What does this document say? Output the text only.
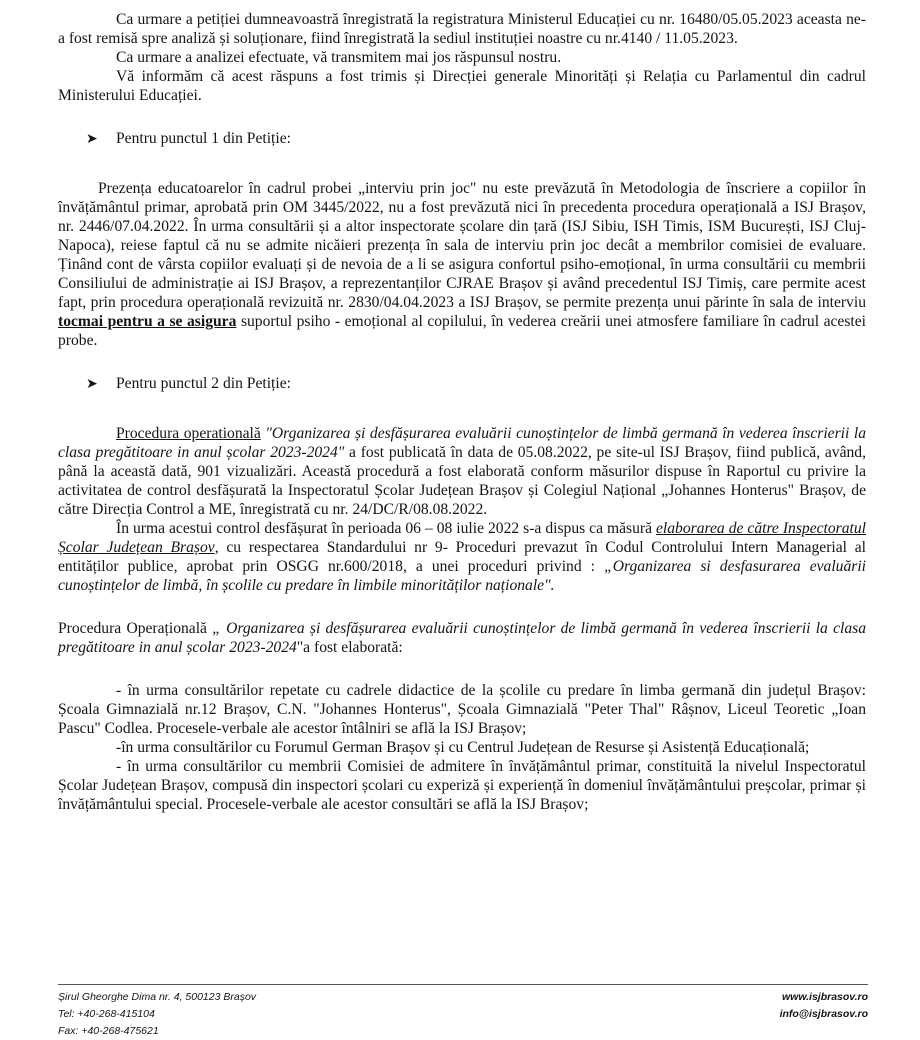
Ca urmare a petiției dumneavoastră înregistrată la registratura Ministerul Educației cu nr. 16480/05.05.2023 aceasta ne-a fost remisă spre analiză și soluționare, fiind înregistrată la sediul instituției noastre cu nr.4140 / 11.05.2023.

Ca urmare a analizei efectuate, vă transmitem mai jos răspunsul nostru.

Vă informăm că acest răspuns a fost trimis și Direcției generale Minorități și Relația cu Parlamentul din cadrul Ministerului Educației.

➤	Pentru punctul 1 din Petiție:

Prezența educatoarelor în cadrul probei „interviu prin joc" nu este prevăzută în Metodologia de înscriere a copiilor în învățământul primar, aprobată prin OM 3445/2022, nu a fost prevăzută nici în precedenta procedura operațională a ISJ Brașov, nr. 2446/07.04.2022. În urma consultării și a altor inspectorate școlare din țară (ISJ Sibiu, ISH Timis, ISM București, ISJ Cluj-Napoca), reiese faptul că nu se admite nicăieri prezența în sala de interviu prin joc decât a membrilor comisiei de evaluare. Ținând cont de vârsta copiilor evaluați și de nevoia de a li se asigura confortul psiho-emoțional, în urma consultării cu membrii Consiliului de administrație ai ISJ Brașov, a reprezentanților CJRAE Brașov și având precedentul ISJ Timiș, care permite acest fapt, prin procedura operațională revizuită nr. 2830/04.04.2023 a ISJ Brașov, se permite prezența unui părinte în sala de interviu tocmai pentru a se asigura suportul psiho - emoțional al copilului, în vederea creării unei atmosfere familiare în cadrul acestei probe.

➤	Pentru punctul 2 din Petiție:

Procedura operatională "Organizarea și desfășurarea evaluării cunoștințelor de limbă germană în vederea înscrierii la clasa pregătitoare in anul școlar 2023-2024" a fost publicată în data de 05.08.2022, pe site-ul ISJ Brașov, fiind publică, având, până la această dată, 901 vizualizări. Această procedură a fost elaborată conform măsurilor dispuse în Raportul cu privire la activitatea de control desfășurată la Inspectoratul Școlar Județean Brașov și Colegiul Național „Johannes Honterus" Brașov, de către Direcția Control a ME, înregistrată cu nr. 24/DC/R/08.08.2022.

În urma acestui control desfășurat în perioada 06 – 08 iulie 2022 s-a dispus ca măsură elaborarea de către Inspectoratul Școlar Județean Brașov, cu respectarea Standardului nr 9- Proceduri prevazut în Codul Controlului Intern Managerial al entităților publice, aprobat prin OSGG nr.600/2018, a unei proceduri privind : „Organizarea si desfasurarea evaluării cunoștințelor de limbă, în școlile cu predare în limbile minorităților naționale".

Procedura Operațională „ Organizarea și desfășurarea evaluării cunoștințelor de limbă germană în vederea înscrierii la clasa pregătitoare in anul școlar 2023-2024"a fost elaborată:

- în urma consultărilor repetate cu cadrele didactice de la școlile cu predare în limba germană din județul Brașov: Școala Gimnazială nr.12 Brașov, C.N. "Johannes Honterus", Școala Gimnazială "Peter Thal" Râșnov, Liceul Teoretic „Ioan Pascu" Codlea. Procesele-verbale ale acestor întâlniri se află la ISJ Brașov;

-în urma consultărilor cu Forumul German Brașov și cu Centrul Județean de Resurse și Asistență Educațională;

- în urma consultărilor cu membrii Comisiei de admitere în învățământul primar, constituită la nivelul Inspectoratul Școlar Județean Brașov, compusă din inspectori școlari cu experiză și experiență în domeniul învățământului preșcolar, primar și învățământului special. Procesele-verbale ale acestor consultări se află la ISJ Brașov;

Șirul Gheorghe Dima nr. 4, 500123 Brașov
Tel: +40-268-415104
Fax: +40-268-475621
www.isjbrasov.ro
info@isjbrasov.ro
